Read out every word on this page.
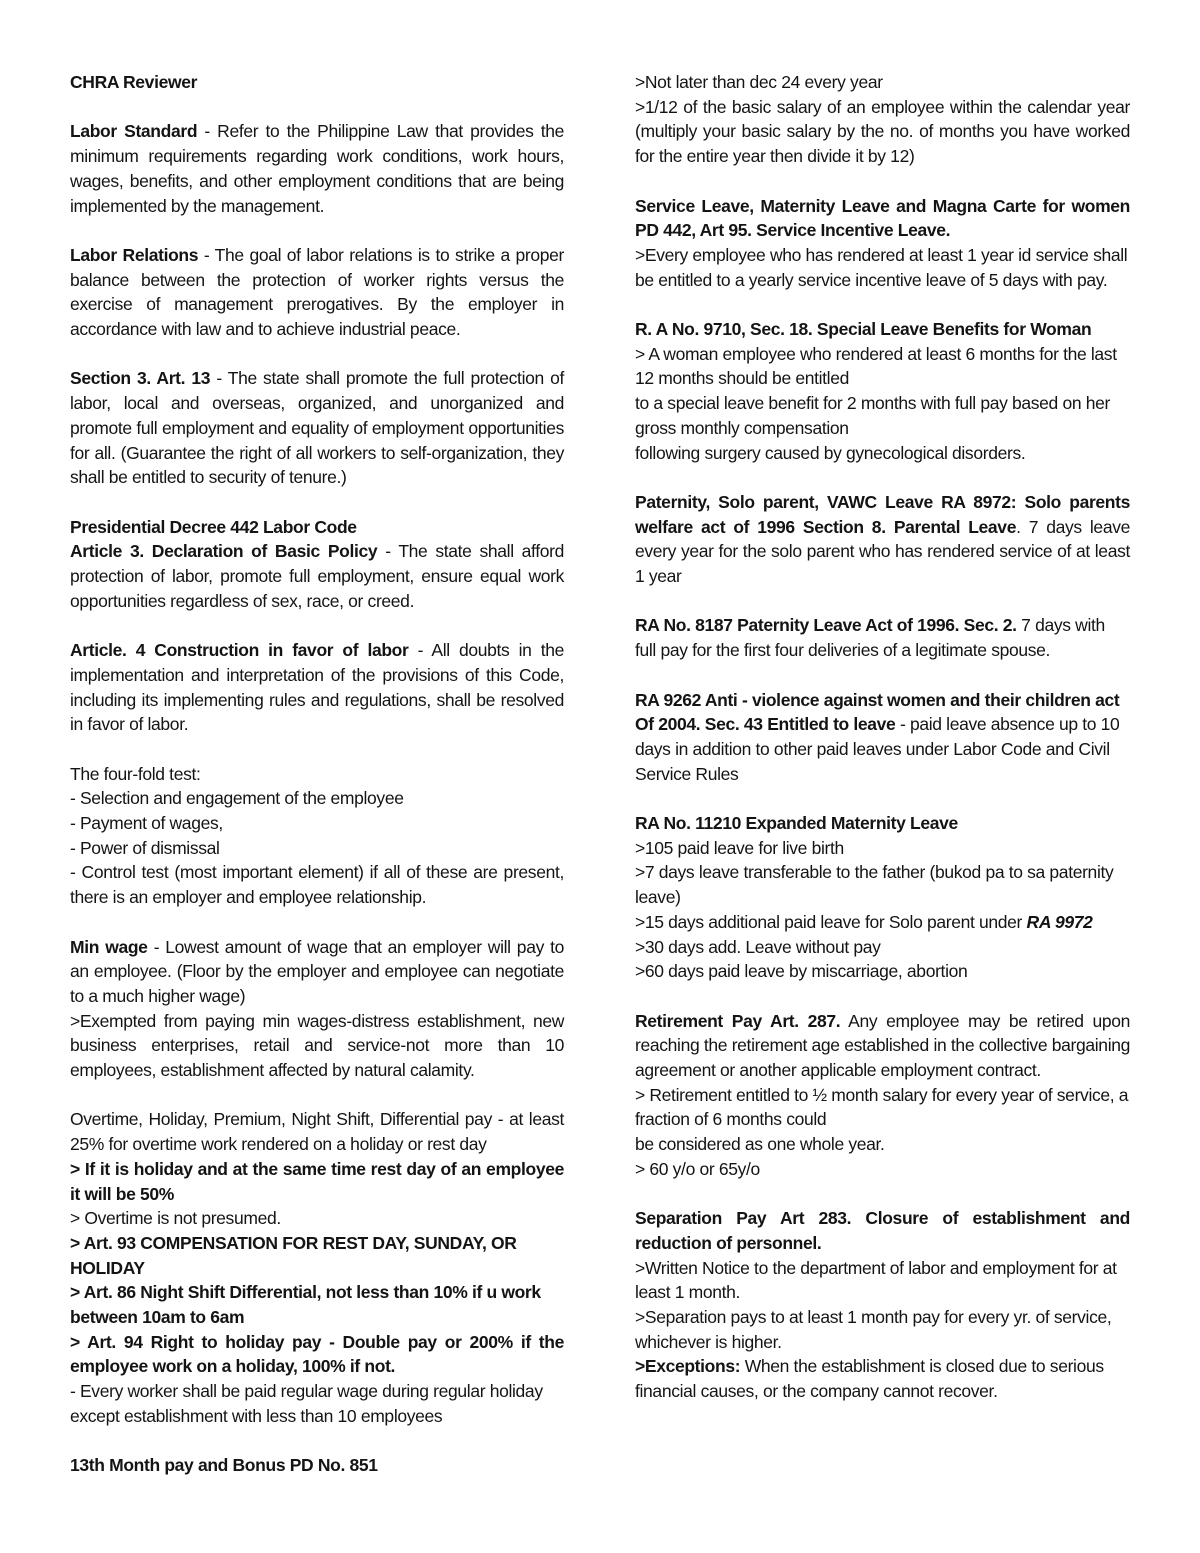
CHRA Reviewer

Labor Standard - Refer to the Philippine Law that provides the minimum requirements regarding work conditions, work hours, wages, benefits, and other employment conditions that are being implemented by the management.

Labor Relations - The goal of labor relations is to strike a proper balance between the protection of worker rights versus the exercise of management prerogatives. By the employer in accordance with law and to achieve industrial peace.

Section 3. Art. 13 - The state shall promote the full protection of labor, local and overseas, organized, and unorganized and promote full employment and equality of employment opportunities for all. (Guarantee the right of all workers to self-organization, they shall be entitled to security of tenure.)

Presidential Decree 442 Labor Code

Article 3. Declaration of Basic Policy - The state shall afford protection of labor, promote full employment, ensure equal work opportunities regardless of sex, race, or creed.

Article. 4 Construction in favor of labor - All doubts in the implementation and interpretation of the provisions of this Code, including its implementing rules and regulations, shall be resolved in favor of labor.

The four-fold test:

- Selection and engagement of the employee

- Payment of wages,

- Power of dismissal

- Control test (most important element) if all of these are present, there is an employer and employee relationship.

Min wage - Lowest amount of wage that an employer will pay to an employee. (Floor by the employer and employee can negotiate to a much higher wage)

>Exempted from paying min wages-distress establishment, new business enterprises, retail and service-not more than 10 employees, establishment affected by natural calamity.

Overtime, Holiday, Premium, Night Shift, Differential pay - at least 25% for overtime work rendered on a holiday or rest day

> If it is holiday and at the same time rest day of an employee it will be 50%

> Overtime is not presumed.

> Art. 93 COMPENSATION FOR REST DAY, SUNDAY, OR HOLIDAY

> Art. 86 Night Shift Differential, not less than 10% if u work between 10am to 6am

> Art. 94 Right to holiday pay - Double pay or 200% if the employee work on a holiday, 100% if not.

- Every worker shall be paid regular wage during regular holiday except establishment with less than 10 employees

13th Month pay and Bonus PD No. 851

>Not later than dec 24 every year

>1/12 of the basic salary of an employee within the calendar year (multiply your basic salary by the no. of months you have worked for the entire year then divide it by 12)

Service Leave, Maternity Leave and Magna Carte for women PD 442, Art 95. Service Incentive Leave.

>Every employee who has rendered at least 1 year id service shall be entitled to a yearly service incentive leave of 5 days with pay.

R. A No. 9710, Sec. 18. Special Leave Benefits for Woman

> A woman employee who rendered at least 6 months for the last 12 months should be entitled

to a special leave benefit for 2 months with full pay based on her gross monthly compensation

following surgery caused by gynecological disorders.

Paternity, Solo parent, VAWC Leave RA 8972: Solo parents welfare act of 1996 Section 8. Parental Leave. 7 days leave every year for the solo parent who has rendered service of at least 1 year

RA No. 8187 Paternity Leave Act of 1996. Sec. 2. 7 days with full pay for the first four deliveries of a legitimate spouse.

RA 9262 Anti - violence against women and their children act Of 2004. Sec. 43 Entitled to leave - paid leave absence up to 10 days in addition to other paid leaves under Labor Code and Civil Service Rules

RA No. 11210 Expanded Maternity Leave

>105 paid leave for live birth

>7 days leave transferable to the father (bukod pa to sa paternity leave)

>15 days additional paid leave for Solo parent under RA 9972

>30 days add. Leave without pay

>60 days paid leave by miscarriage, abortion

Retirement Pay Art. 287. Any employee may be retired upon reaching the retirement age established in the collective bargaining agreement or another applicable employment contract.

> Retirement entitled to ½ month salary for every year of service, a fraction of 6 months could

be considered as one whole year.

> 60 y/o or 65y/o

Separation Pay Art 283. Closure of establishment and reduction of personnel.

>Written Notice to the department of labor and employment for at least 1 month.

>Separation pays to at least 1 month pay for every yr. of service, whichever is higher.

>Exceptions: When the establishment is closed due to serious financial causes, or the company cannot recover.
